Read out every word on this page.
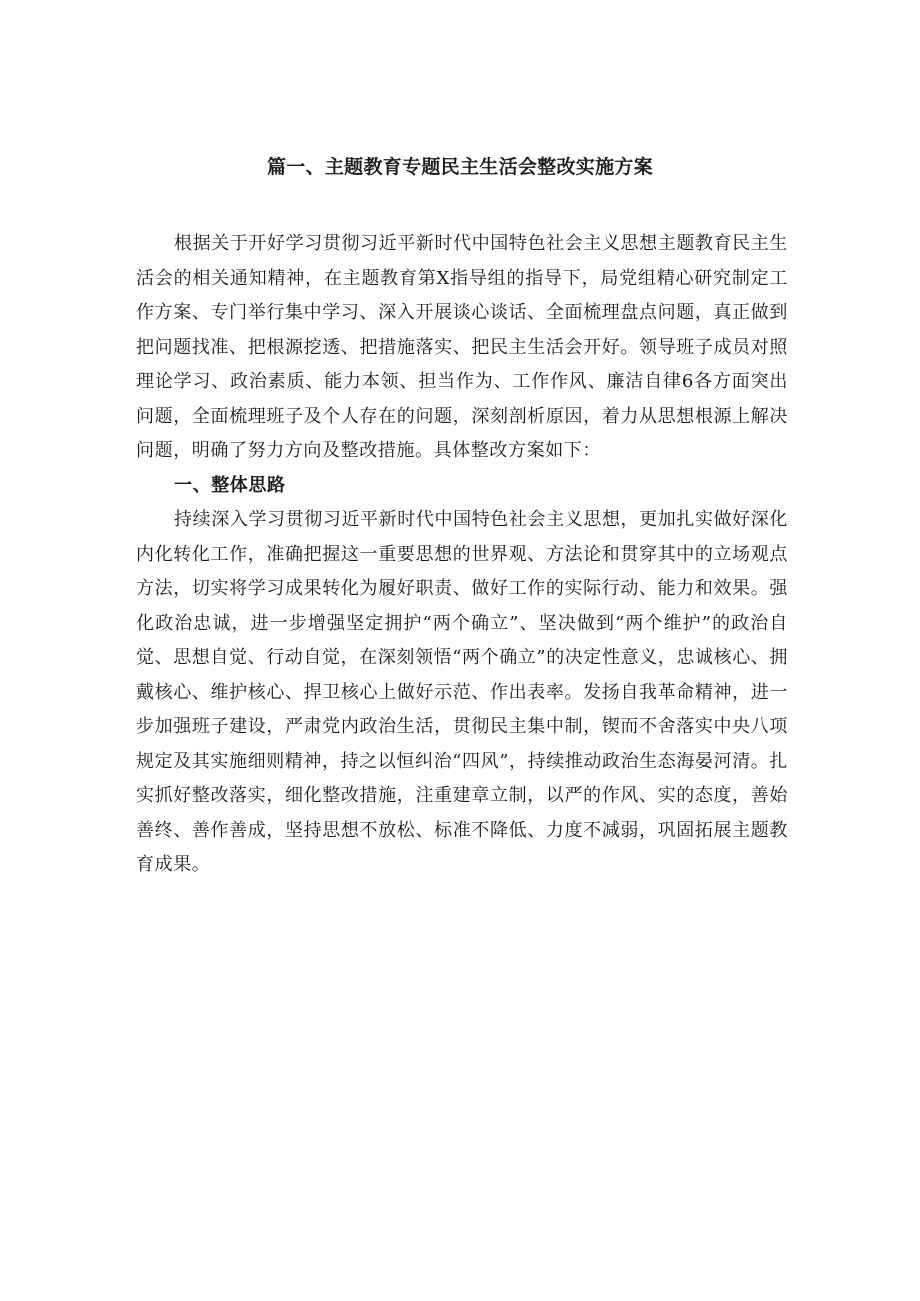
篇一、主题教育专题民主生活会整改实施方案

根据关于开好学习贯彻习近平新时代中国特色社会主义思想主题教育民主生活会的相关通知精神，在主题教育第X指导组的指导下，局党组精心研究制定工作方案、专门举行集中学习、深入开展谈心谈话、全面梳理盘点问题，真正做到把问题找准、把根源挖透、把措施落实、把民主生活会开好。领导班子成员对照理论学习、政治素质、能力本领、担当作为、工作作风、廉洁自律6各方面突出问题，全面梳理班子及个人存在的问题，深刻剖析原因，着力从思想根源上解决问题，明确了努力方向及整改措施。具体整改方案如下：

一、整体思路

持续深入学习贯彻习近平新时代中国特色社会主义思想，更加扎实做好深化内化转化工作，准确把握这一重要思想的世界观、方法论和贯穿其中的立场观点方法，切实将学习成果转化为履好职责、做好工作的实际行动、能力和效果。强化政治忠诚，进一步增强坚定拥护“两个确立”、坚决做到“两个维护”的政治自觉、思想自觉、行动自觉，在深刻领悟“两个确立”的决定性意义，忠诚核心、拥戴核心、维护核心、捍卫核心上做好示范、作出表率。发扬自我革命精神，进一步加强班子建设，严肃党内政治生活，贯彻民主集中制，锲而不舍落实中央八项规定及其实施细则精神，持之以恒纠治“四风”，持续推动政治生态海晏河清。扎实抓好整改落实，细化整改措施，注重建章立制，以严的作风、实的态度，善始善终、善作善成，坚持思想不放松、标准不降低、力度不减弱，巩固拓展主题教育成果。
